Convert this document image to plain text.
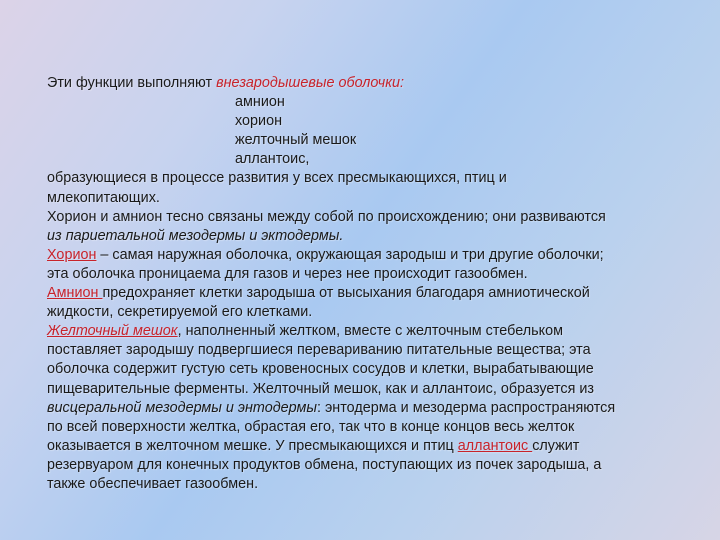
Эти функции выполняют внезародышевые оболочки:
амнион
хорион
желточный мешок
аллантоис,
образующиеся в процессе развития у всех пресмыкающихся, птиц и
млекопитающих.
Хорион и амнион тесно связаны между собой по происхождению; они развиваются
из париетальной мезодермы и эктодермы.
Хорион – самая наружная оболочка, окружающая зародыш и три другие оболочки;
эта оболочка проницаема для газов и через нее происходит газообмен.
Амнион предохраняет клетки зародыша от высыхания благодаря амниотической
жидкости, секретируемой его клетками.
Желточный мешок, наполненный желтком, вместе с желточным стебельком
поставляет зародышу подвергшиеся перевариванию питательные вещества; эта
оболочка содержит густую сеть кровеносных сосудов и клетки, вырабатывающие
пищеварительные ферменты. Желточный мешок, как и аллантоис, образуется из
висцеральной мезодермы и энтодермы: энтодерма и мезодерма распространяются
по всей поверхности желтка, обрастая его, так что в конце концов весь желток
оказывается в желточном мешке. У пресмыкающихся и птиц аллантоис служит
резервуаром для конечных продуктов обмена, поступающих из почек зародыша, а
также обеспечивает газообмен.
